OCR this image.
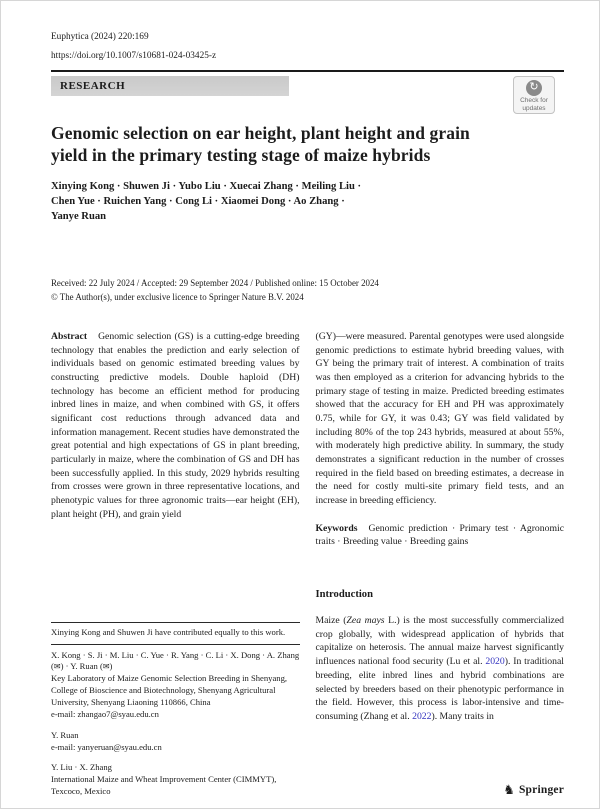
Euphytica (2024) 220:169
https://doi.org/10.1007/s10681-024-03425-z
RESEARCH	↻
Check for
updates
Genomic selection on ear height, plant height and grain
yield in the primary testing stage of maize hybrids
Xinying Kong · Shuwen Ji · Yubo Liu · Xuecai Zhang · Meiling Liu ·
Chen Yue · Ruichen Yang · Cong Li · Xiaomei Dong · Ao Zhang ·
Yanye Ruan
Received: 22 July 2024 / Accepted: 29 September 2024 / Published online: 15 October 2024
© The Author(s), under exclusive licence to Springer Nature B.V. 2024

Abstract Genomic selection (GS) is a cutting-edge breeding technology that enables the prediction and early selection of individuals based on genomic estimated breeding values by constructing predictive models. Double haploid (DH) technology has become an efficient method for producing inbred lines in maize, and when combined with GS, it offers significant cost reductions through advanced data and information management. Recent studies have demonstrated the great potential and high expectations of GS in plant breeding, particularly in maize, where the combination of GS and DH has been successfully applied. In this study, 2029 hybrids resulting from crosses were grown in three representative locations, and phenotypic values for three agronomic traits—ear height (EH), plant height (PH), and grain yield

Xinying Kong and Shuwen Ji have contributed equally to this work.

X. Kong · S. Ji · M. Liu · C. Yue · R. Yang · C. Li · X. Dong · A. Zhang (✉) · Y. Ruan (✉)

Key Laboratory of Maize Genomic Selection Breeding in Shenyang, College of Bioscience and Biotechnology, Shenyang Agricultural University, Shenyang Liaoning 110866, China

e-mail: zhangao7@syau.edu.cn

Y. Ruan

e-mail: yanyeruan@syau.edu.cn

Y. Liu · X. Zhang

International Maize and Wheat Improvement Center (CIMMYT), Texcoco, Mexico

(GY)—were measured. Parental genotypes were used alongside genomic predictions to estimate hybrid breeding values, with GY being the primary trait of interest. A combination of traits was then employed as a criterion for advancing hybrids to the primary stage of testing in maize. Predicted breeding estimates showed that the accuracy for EH and PH was approximately 0.75, while for GY, it was 0.43; GY was field validated by including 80% of the top 243 hybrids, measured at about 55%, with moderately high predictive ability. In summary, the study demonstrates a significant reduction in the number of crosses required in the field based on breeding estimates, a decrease in the need for costly multi-site primary field tests, and an increase in breeding efficiency.

Keywords Genomic prediction · Primary test · Agronomic traits · Breeding value · Breeding gains

Introduction

Maize (Zea mays L.) is the most successfully commercialized crop globally, with widespread application of hybrids that capitalize on heterosis. The annual maize harvest significantly influences national food security (Lu et al. 2020). In traditional breeding, elite inbred lines and hybrid combinations are selected by breeders based on their phenotypic performance in the field. However, this process is labor-intensive and time-consuming (Zhang et al. 2022). Many traits in

♞ Springer
